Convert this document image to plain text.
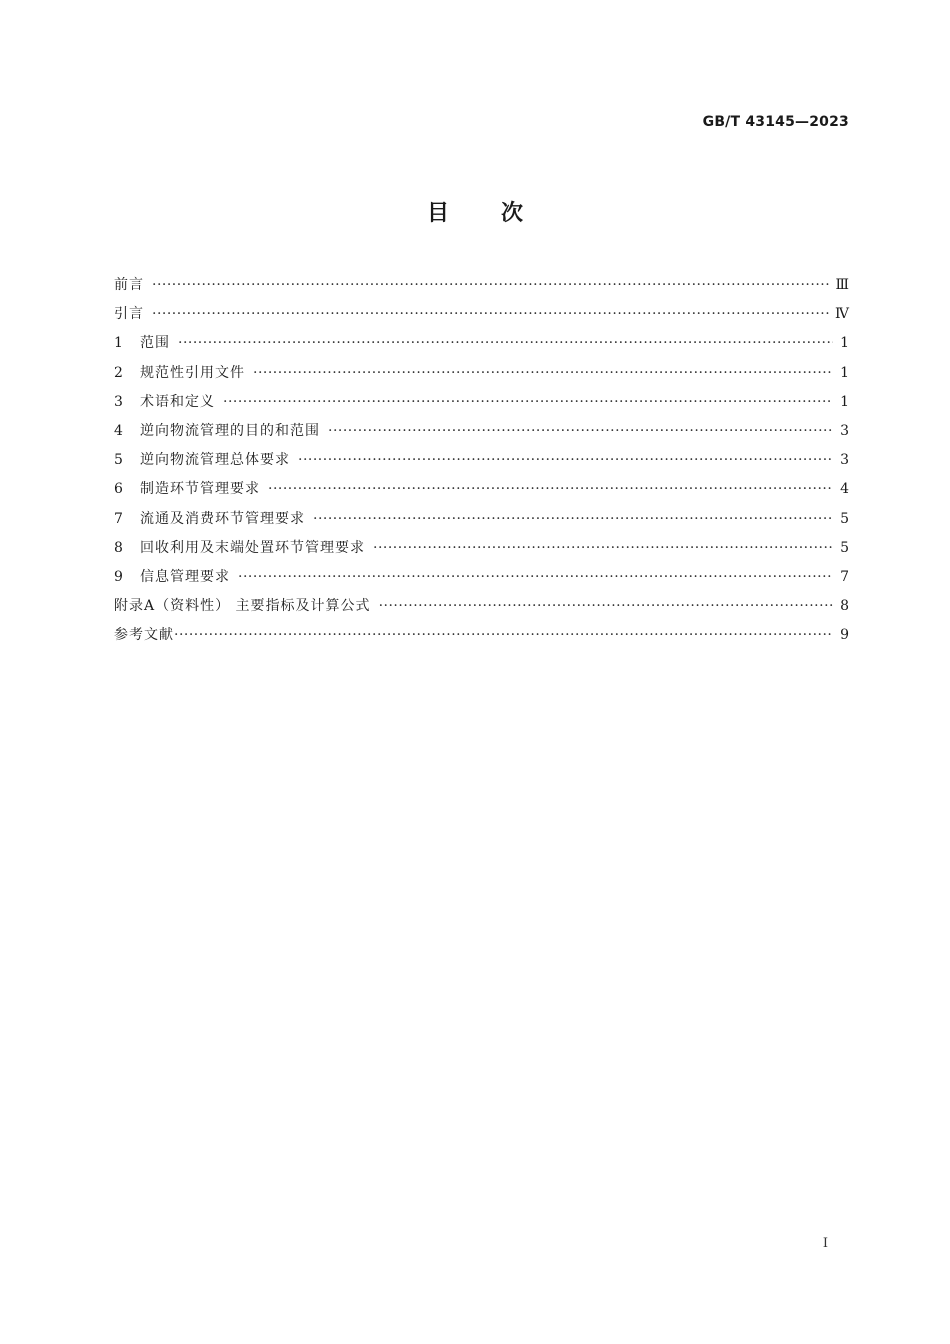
GB/T 43145—2023
目 次
前言 ·····	Ⅲ
引言 ·····	Ⅳ
1	范围 ·····	1
2	规范性引用文件 ·····	1
3	术语和定义 ·····	1
4	逆向物流管理的目的和范围 ·····	3
5	逆向物流管理总体要求 ·····	3
6	制造环节管理要求 ·····	4
7	流通及消费环节管理要求 ·····	5
8	回收利用及末端处置环节管理要求 ·····	5
9	信息管理要求 ·····	7
附录A（资料性） 主要指标及计算公式 ·····	8
参考文献 ·····	9
I
